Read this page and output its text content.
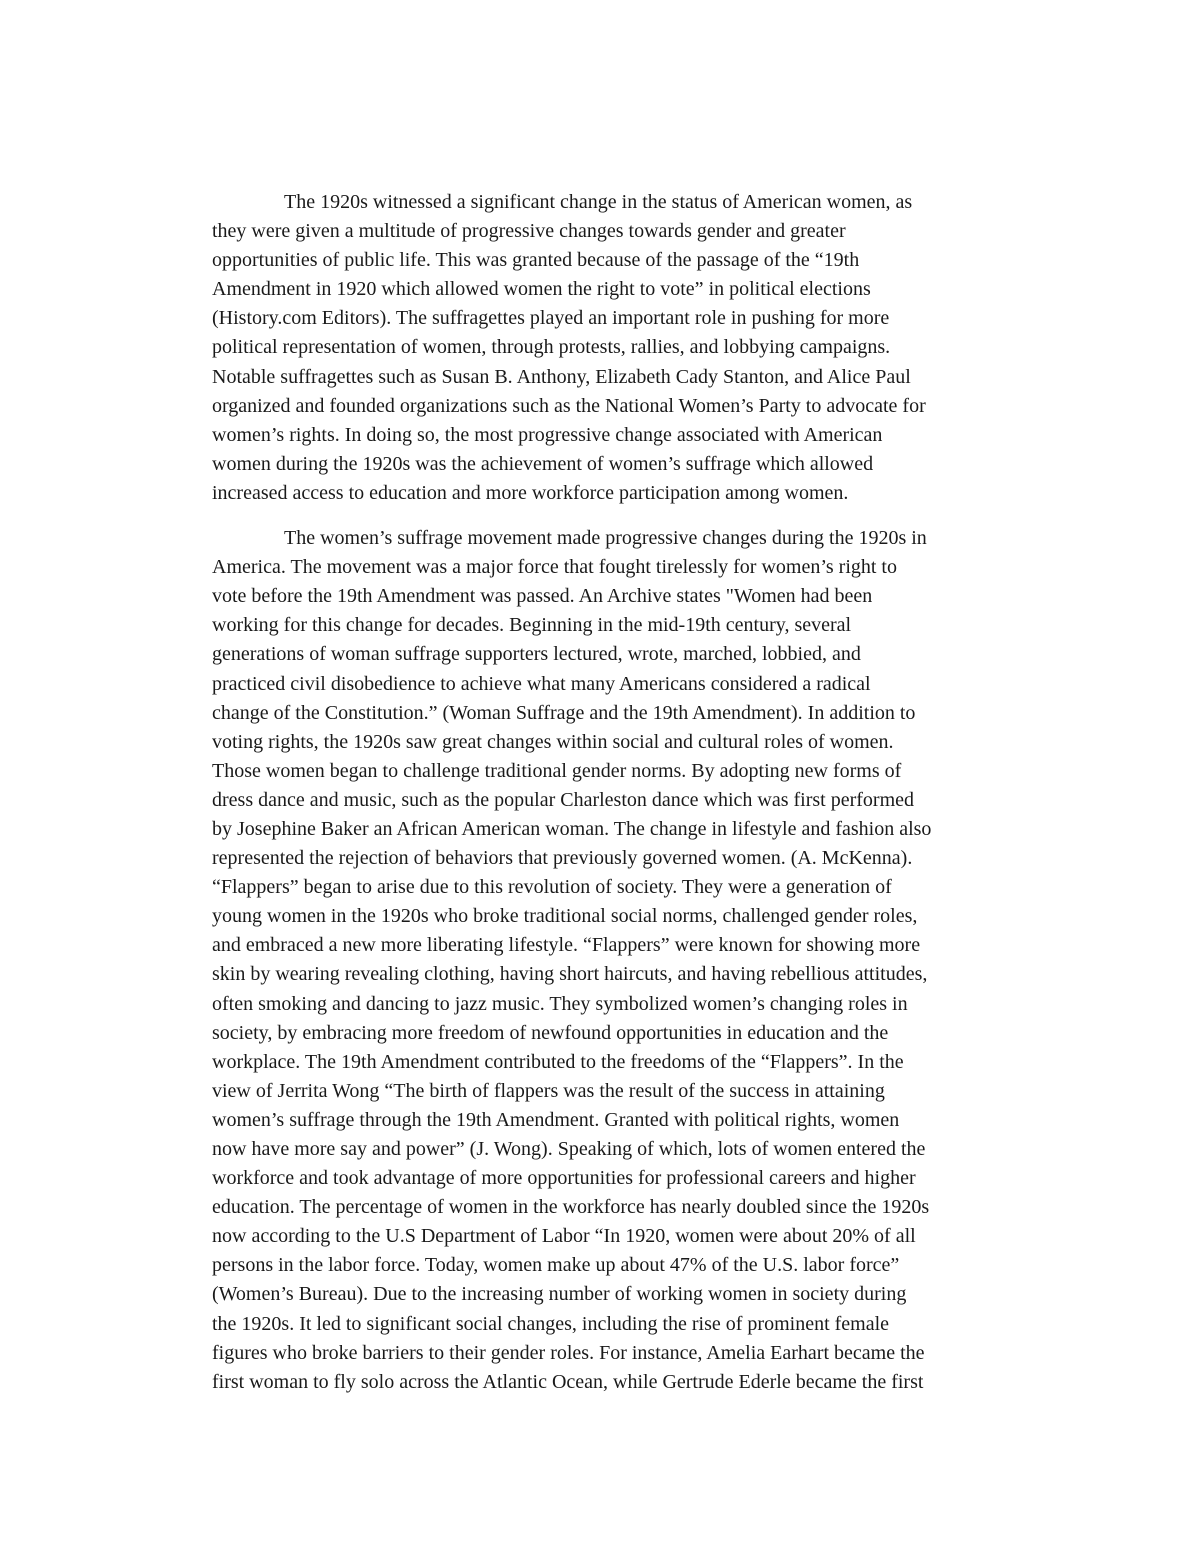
The 1920s witnessed a significant change in the status of American women, as
they were given a multitude of progressive changes towards gender and greater
opportunities of public life. This was granted because of the passage of the “19th
Amendment in 1920 which allowed women the right to vote” in political elections
(History.com Editors). The suffragettes played an important role in pushing for more
political representation of women, through protests, rallies, and lobbying campaigns.
Notable suffragettes such as Susan B. Anthony, Elizabeth Cady Stanton, and Alice Paul
organized and founded organizations such as the National Women’s Party to advocate for
women’s rights. In doing so, the most progressive change associated with American
women during the 1920s was the achievement of women’s suffrage which allowed
increased access to education and more workforce participation among women.
The women’s suffrage movement made progressive changes during the 1920s in
America. The movement was a major force that fought tirelessly for women’s right to
vote before the 19th Amendment was passed. An Archive states "Women had been
working for this change for decades. Beginning in the mid-19th century, several
generations of woman suffrage supporters lectured, wrote, marched, lobbied, and
practiced civil disobedience to achieve what many Americans considered a radical
change of the Constitution.” (Woman Suffrage and the 19th Amendment). In addition to
voting rights, the 1920s saw great changes within social and cultural roles of women.
Those women began to challenge traditional gender norms. By adopting new forms of
dress dance and music, such as the popular Charleston dance which was first performed
by Josephine Baker an African American woman. The change in lifestyle and fashion also
represented the rejection of behaviors that previously governed women. (A. McKenna).
“Flappers” began to arise due to this revolution of society. They were a generation of
young women in the 1920s who broke traditional social norms, challenged gender roles,
and embraced a new more liberating lifestyle. “Flappers” were known for showing more
skin by wearing revealing clothing, having short haircuts, and having rebellious attitudes,
often smoking and dancing to jazz music. They symbolized women’s changing roles in
society, by embracing more freedom of newfound opportunities in education and the
workplace. The 19th Amendment contributed to the freedoms of the “Flappers”. In the
view of Jerrita Wong “The birth of flappers was the result of the success in attaining
women’s suffrage through the 19th Amendment. Granted with political rights, women
now have more say and power” (J. Wong). Speaking of which, lots of women entered the
workforce and took advantage of more opportunities for professional careers and higher
education. The percentage of women in the workforce has nearly doubled since the 1920s
now according to the U.S Department of Labor “In 1920, women were about 20% of all
persons in the labor force. Today, women make up about 47% of the U.S. labor force”
(Women’s Bureau). Due to the increasing number of working women in society during
the 1920s. It led to significant social changes, including the rise of prominent female
figures who broke barriers to their gender roles. For instance, Amelia Earhart became the
first woman to fly solo across the Atlantic Ocean, while Gertrude Ederle became the first
